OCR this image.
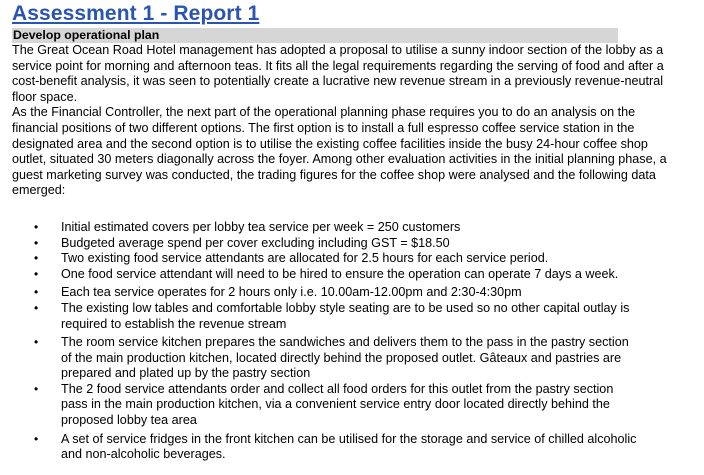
Assessment 1 - Report 1
Develop operational plan

The Great Ocean Road Hotel management has adopted a proposal to utilise a sunny indoor section of the lobby as a service point for morning and afternoon teas. It fits all the legal requirements regarding the serving of food and after a cost-benefit analysis, it was seen to potentially create a lucrative new revenue stream in a previously revenue-neutral floor space.

As the Financial Controller, the next part of the operational planning phase requires you to do an analysis on the financial positions of two different options. The first option is to install a full espresso coffee service station in the designated area and the second option is to utilise the existing coffee facilities inside the busy 24-hour coffee shop outlet, situated 30 meters diagonally across the foyer. Among other evaluation activities in the initial planning phase, a guest marketing survey was conducted, the trading figures for the coffee shop were analysed and the following data emerged:

• Initial estimated covers per lobby tea service per week = 250 customers
• Budgeted average spend per cover excluding including GST = $18.50
• Two existing food service attendants are allocated for 2.5 hours for each service period.
• One food service attendant will need to be hired to ensure the operation can operate 7 days a week.
• Each tea service operates for 2 hours only i.e. 10.00am-12.00pm and 2:30-4:30pm
• The existing low tables and comfortable lobby style seating are to be used so no other capital outlay is required to establish the revenue stream
• The room service kitchen prepares the sandwiches and delivers them to the pass in the pastry section of the main production kitchen, located directly behind the proposed outlet. Gâteaux and pastries are prepared and plated up by the pastry section
• The 2 food service attendants order and collect all food orders for this outlet from the pastry section pass in the main production kitchen, via a convenient service entry door located directly behind the proposed lobby tea area
• A set of service fridges in the front kitchen can be utilised for the storage and service of chilled alcoholic and non-alcoholic beverages.
